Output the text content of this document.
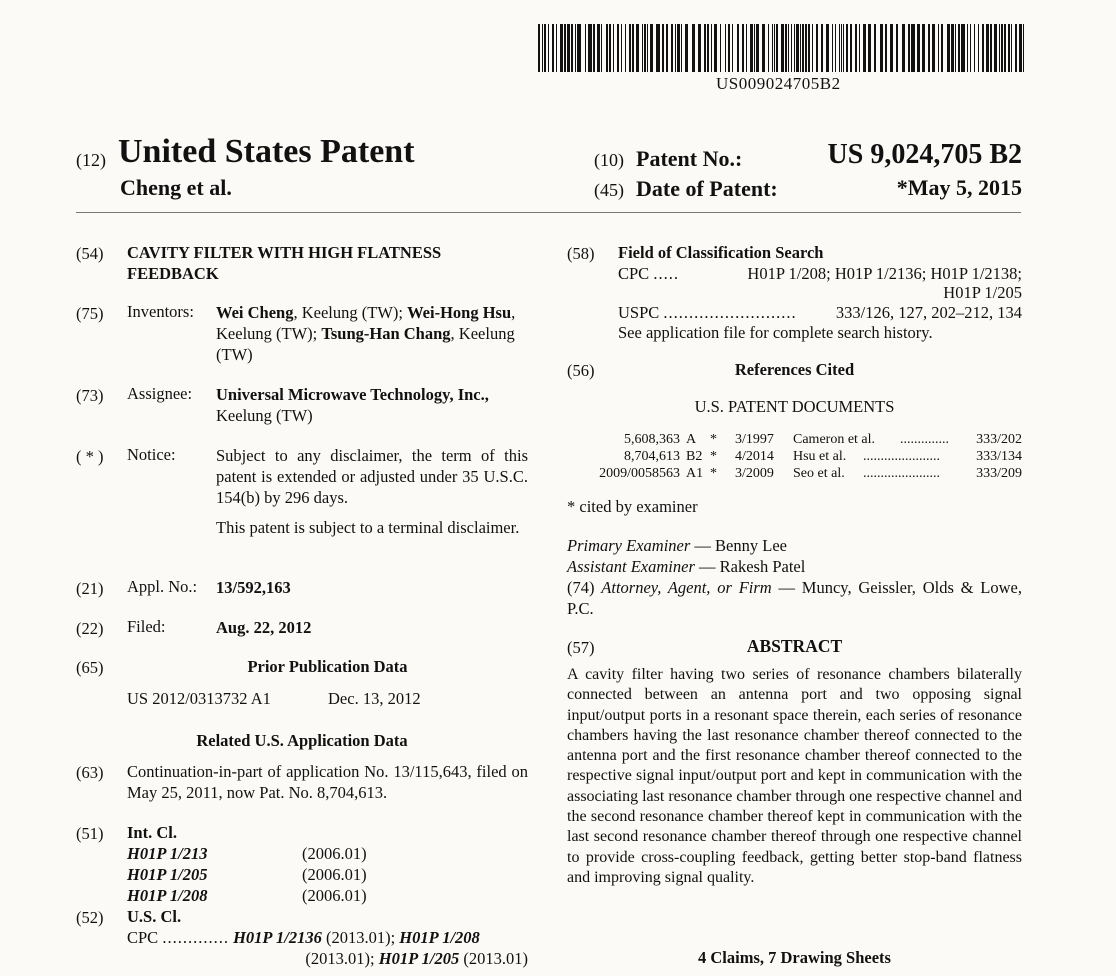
US009024705B2
(12) United States Patent
Cheng et al.
(10) Patent No.:	US 9,024,705 B2
(45) Date of Patent:	*May 5, 2015
(54) CAVITY FILTER WITH HIGH FLATNESS FEEDBACK
(75) Inventors: Wei Cheng, Keelung (TW); Wei-Hong Hsu, Keelung (TW); Tsung-Han Chang, Keelung (TW)
(73) Assignee: Universal Microwave Technology, Inc.,
Keelung (TW)
( * ) Notice: Subject to any disclaimer, the term of this patent is extended or adjusted under 35 U.S.C. 154(b) by 296 days.
This patent is subject to a terminal disclaimer.
(21) Appl. No.: 13/592,163
(22) Filed:	Aug. 22, 2012
(65)	Prior Publication Data
US 2012/0313732 A1	Dec. 13, 2012
Related U.S. Application Data
(63) Continuation-in-part of application No. 13/115,643, filed on May 25, 2011, now Pat. No. 8,704,613.
(51) Int. Cl.
H01P 1/213	(2006.01)
H01P 1/205	(2006.01)
H01P 1/208	(2006.01)
(52) U.S. Cl.
CPC ............. H01P 1/2136 (2013.01); H01P 1/208
(2013.01); H01P 1/205 (2013.01)
(58) Field of Classification Search
CPC .....	H01P 1/208; H01P 1/2136; H01P 1/2138;
H01P 1/205
USPC .......................... 333/126, 127, 202–212, 134
See application file for complete search history.
(56)	References Cited
U.S. PATENT DOCUMENTS
5,608,363 A * 3/1997 Cameron et al. .............. 333/202
8,704,613 B2 * 4/2014 Hsu et al. ......................	333/134
2009/0058563 A1 * 3/2009 Seo et al. ......................	333/209
* cited by examiner
Primary Examiner — Benny Lee
Assistant Examiner — Rakesh Patel
(74) Attorney, Agent, or Firm — Muncy, Geissler, Olds & Lowe, P.C.
(57)	ABSTRACT
A cavity filter having two series of resonance chambers bilaterally connected between an antenna port and two opposing signal input/output ports in a resonant space therein, each series of resonance chambers having the last resonance chamber thereof connected to the antenna port and the first resonance chamber thereof connected to the respective signal input/output port and kept in communication with the associating last resonance chamber through one respective channel and the second resonance chamber thereof kept in communication with the last second resonance chamber thereof through one respective channel to provide cross-coupling feedback, getting better stop-band flatness and improving signal quality.
4 Claims, 7 Drawing Sheets
